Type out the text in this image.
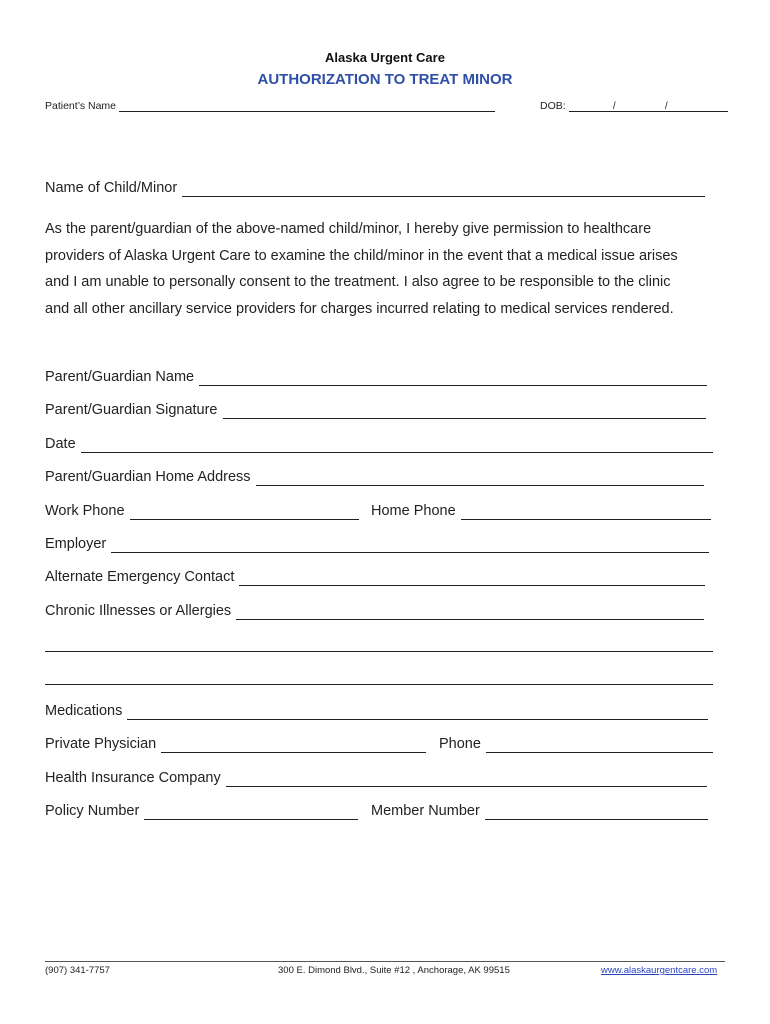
Alaska Urgent Care
AUTHORIZATION TO TREAT MINOR
Patient’s Name	DOB:	/	/
Name of Child/Minor
As the parent/guardian of the above-named child/minor, I hereby give permission to healthcare
providers of Alaska Urgent Care to examine the child/minor in the event that a medical issue arises
and I am unable to personally consent to the treatment. I also agree to be responsible to the clinic
and all other ancillary service providers for charges incurred relating to medical services rendered.
Parent/Guardian Name
Parent/Guardian Signature
Date
Parent/Guardian Home Address
Work Phone	Home Phone
Employer
Alternate Emergency Contact
Chronic Illnesses or Allergies
Medications
Private Physician	Phone
Health Insurance Company
Policy Number	Member Number
(907) 341-7757	300 E. Dimond Blvd., Suite #12 , Anchorage, AK 99515	www.alaskaurgentcare.com
